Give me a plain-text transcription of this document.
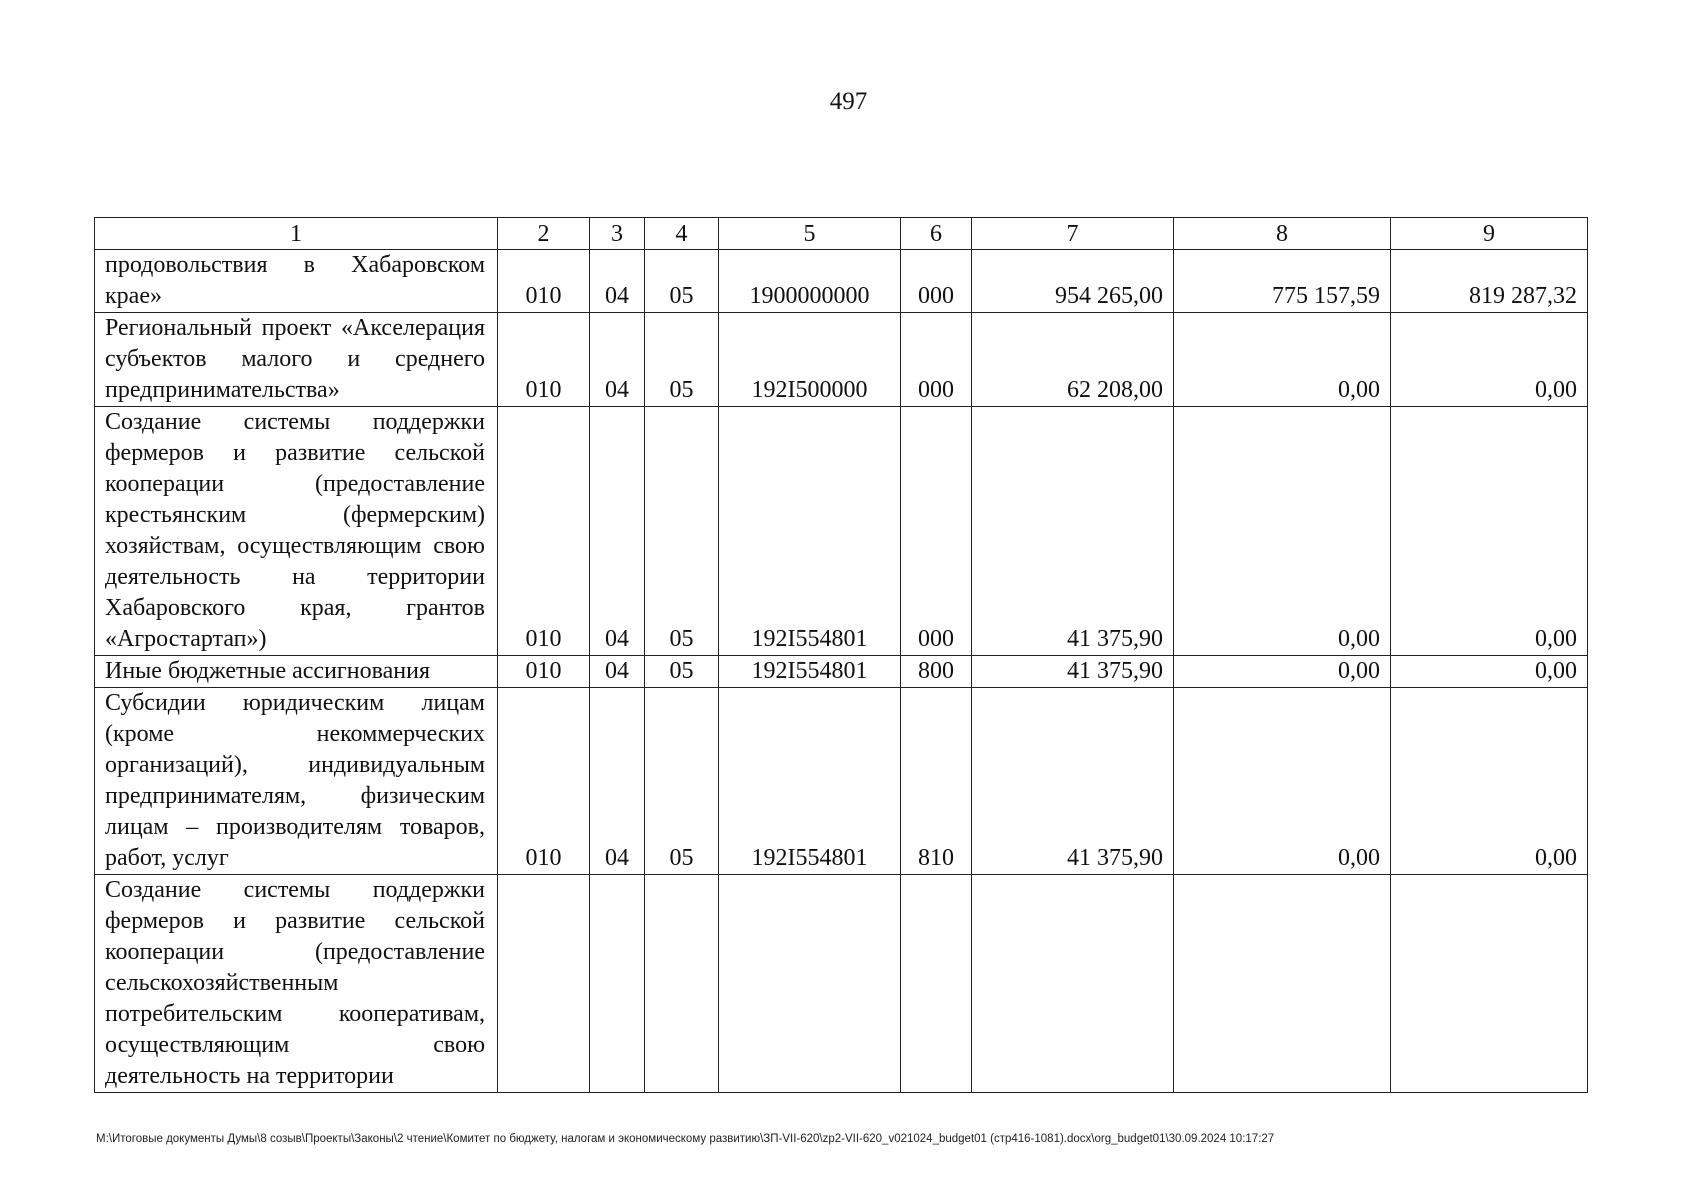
497
1	2	3	4	5	6	7	8	9
продовольствия в Хабаровском крае»	010	04	05	1900000000	000	954 265,00	775 157,59	819 287,32
Региональный проект «Акселерация субъектов малого и среднего предпринимательства»	010	04	05	192I500000	000	62 208,00	0,00	0,00
Создание системы поддержки фермеров и развитие сельской кооперации (предоставление крестьянским (фермерским) хозяйствам, осуществляющим свою деятельность на территории Хабаровского края, грантов «Агростартап»)	010	04	05	192I554801	000	41 375,90	0,00	0,00
Иные бюджетные ассигнования	010	04	05	192I554801	800	41 375,90	0,00	0,00
Субсидии юридическим лицам (кроме некоммерческих организаций), индивидуальным предпринимателям, физическим лицам – производителям товаров, работ, услуг	010	04	05	192I554801	810	41 375,90	0,00	0,00
Создание системы поддержки фермеров и развитие сельской кооперации (предоставление сельскохозяйственным потребительским кооперативам, осуществляющим свою деятельность на территории								
M:\Итоговые документы Думы\8 созыв\Проекты\Законы\2 чтение\Комитет по бюджету, налогам и экономическому развитию\ЗП-VII-620\zp2-VII-620_v021024_budget01 (стр416-1081).docx\org_budget01\30.09.2024 10:17:27
